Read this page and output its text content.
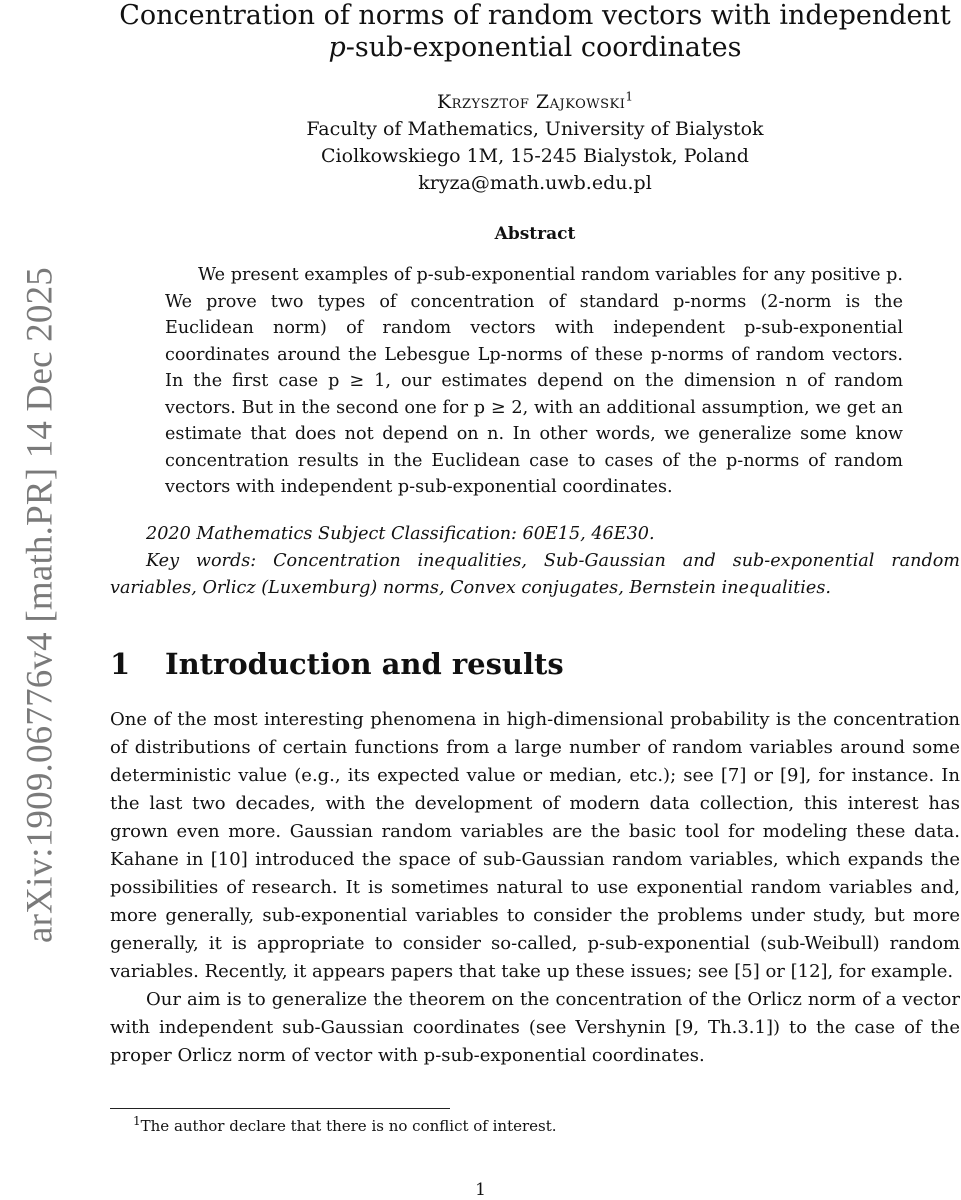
arXiv:1909.06776v4 [math.PR] 14 Dec 2025
Concentration of norms of random vectors with independent
p-sub-exponential coordinates
Krzysztof Zajkowski$^1$
Faculty of Mathematics, University of Bialystok
Ciolkowskiego 1M, 15-245 Bialystok, Poland
kryza@math.uwb.edu.pl
Abstract

We present examples of p-sub-exponential random variables for any positive p. We prove two types of concentration of standard p-norms (2-norm is the Euclidean norm) of random vectors with independent p-sub-exponential coordinates around the Lebesgue Lp-norms of these p-norms of random vectors. In the first case p ≥ 1, our estimates depend on the dimension n of random vectors. But in the second one for p ≥ 2, with an additional assumption, we get an estimate that does not depend on n. In other words, we generalize some know concentration results in the Euclidean case to cases of the p-norms of random vectors with independent p-sub-exponential coordinates.

2020 Mathematics Subject Classification: 60E15, 46E30.

Key words: Concentration inequalities, Sub-Gaussian and sub-exponential random variables, Orlicz (Luxemburg) norms, Convex conjugates, Bernstein inequalities.

1 Introduction and results

One of the most interesting phenomena in high-dimensional probability is the concentration of distributions of certain functions from a large number of random variables around some deterministic value (e.g., its expected value or median, etc.); see [7] or [9], for instance. In the last two decades, with the development of modern data collection, this interest has grown even more. Gaussian random variables are the basic tool for modeling these data. Kahane in [10] introduced the space of sub-Gaussian random variables, which expands the possibilities of research. It is sometimes natural to use exponential random variables and, more generally, sub-exponential variables to consider the problems under study, but more generally, it is appropriate to consider so-called, p-sub-exponential (sub-Weibull) random variables. Recently, it appears papers that take up these issues; see [5] or [12], for example.

Our aim is to generalize the theorem on the concentration of the Orlicz norm of a vector with independent sub-Gaussian coordinates (see Vershynin [9, Th.3.1]) to the case of the proper Orlicz norm of vector with p-sub-exponential coordinates.

$^1$The author declare that there is no conflict of interest.
1
